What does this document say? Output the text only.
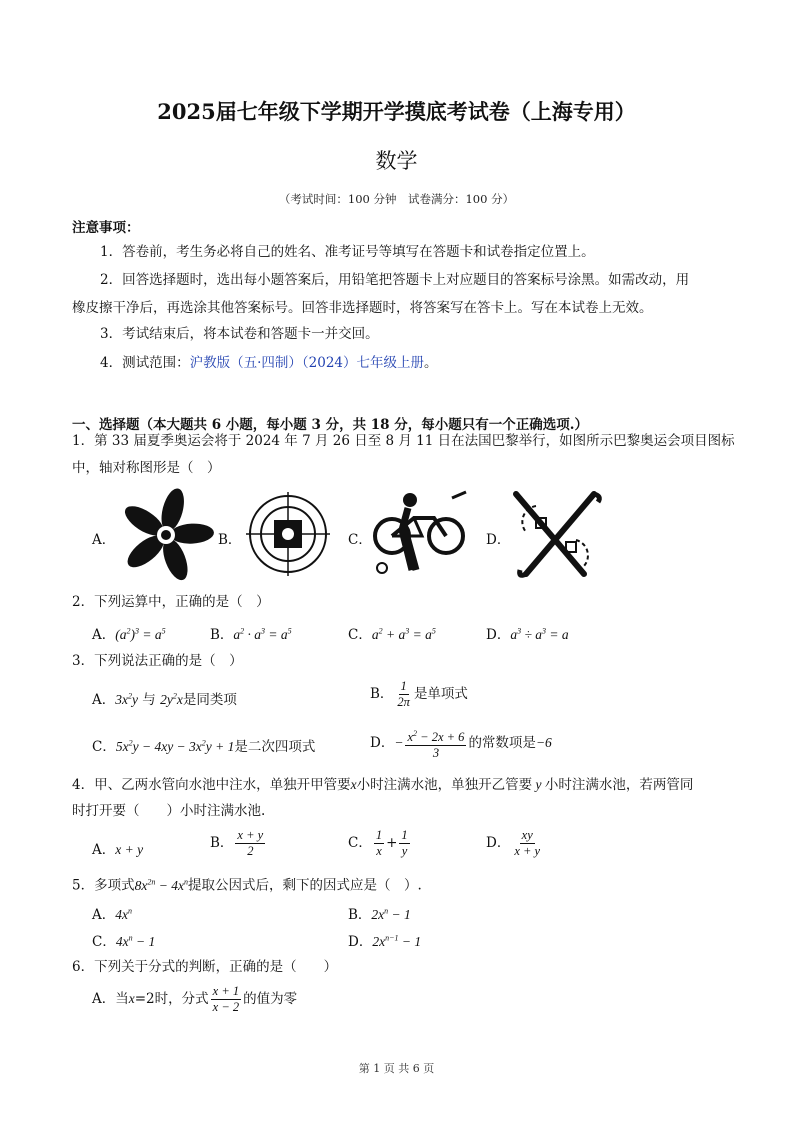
2025届七年级下学期开学摸底考试卷（上海专用）
数学
（考试时间：100 分钟　试卷满分：100 分）
注意事项：
1．答卷前，考生务必将自己的姓名、准考证号等填写在答题卡和试卷指定位置上。
2．回答选择题时，选出每小题答案后，用铅笔把答题卡上对应题目的答案标号涂黑。如需改动，用
橡皮擦干净后，再选涂其他答案标号。回答非选择题时，将答案写在答卡上。写在本试卷上无效。
3．考试结束后，将本试卷和答题卡一并交回。
4．测试范围：沪教版（五·四制）（2024）七年级上册。
一、选择题（本大题共 6 小题，每小题 3 分，共 18 分，每小题只有一个正确选项.）
1．第 33 届夏季奥运会将于 2024 年 7 月 26 日至 8 月 11 日在法国巴黎举行，如图所示巴黎奥运会项目图标
中，轴对称图形是（　）
A．	B．	C．	D．
2．下列运算中，正确的是（　）
A．$(a^2)^3 = a^5$	B．$a^2 \cdot a^3 = a^5$	C．$a^2 + a^3 = a^5$	D．$a^3 \div a^3 = a$
3．下列说法正确的是（　）
A．$3x^2y$ 与 $2y^2x$是同类项	B． $\frac{1}{2\pi}$ 是单项式
C．$5x^2y - 4xy - 3x^2y + 1$是二次四项式	D．− $\frac{x^2 - 2x + 6}{3}$ 的常数项是−6
4．甲、乙两水管向水池中注水，单独开甲管要x小时注满水池，单独开乙管要 y 小时注满水池，若两管同
时打开要（　　）小时注满水池.
A．x + y	B． $\frac{x + y}{2}$	C． $\frac{1}{x} + \frac{1}{y}$	D． $\frac{xy}{x + y}$
5．多项式$8x^{2n} - 4x^n$提取公因式后，剩下的因式应是（　）.
A．$4x^n$	B．$2x^n - 1$
C．$4x^n - 1$	D．$2x^{n-1} - 1$
6．下列关于分式的判断，正确的是（　　）
A．当x=2时，分式 $\frac{x + 1}{x - 2}$ 的值为零
第 1 页 共 6 页
